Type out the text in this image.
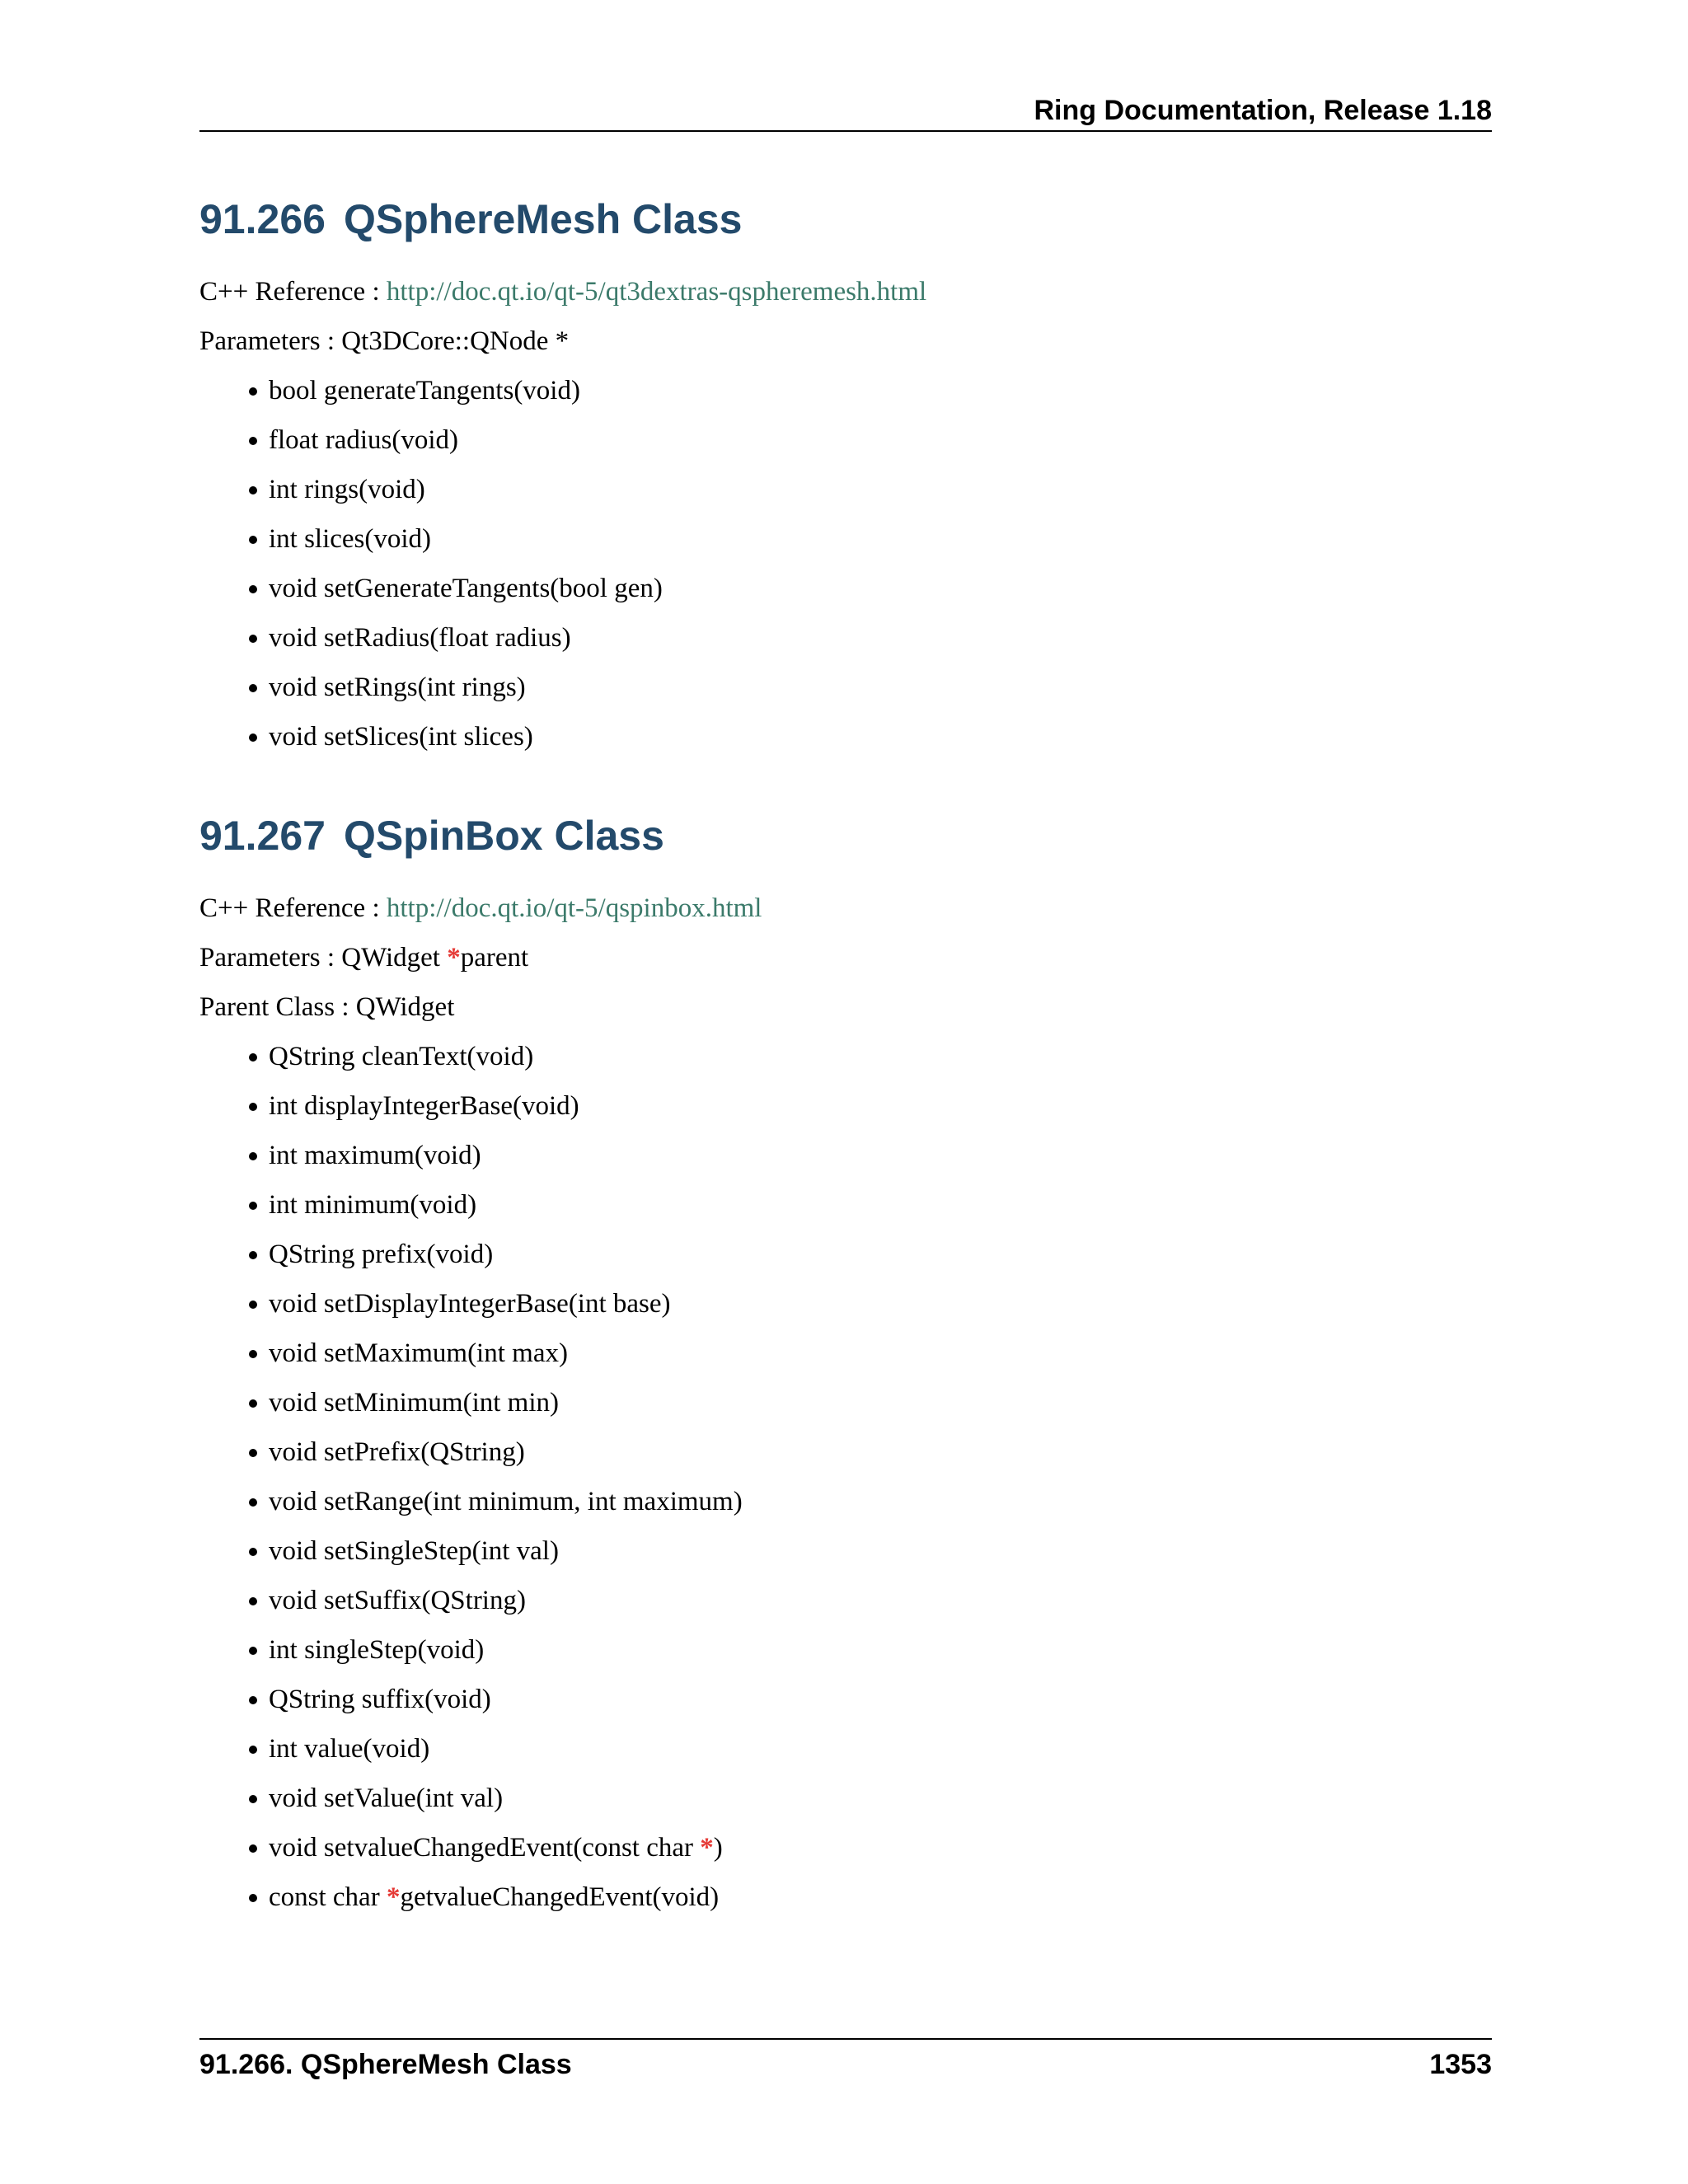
Ring Documentation, Release 1.18
91.266 QSphereMesh Class
C++ Reference : http://doc.qt.io/qt-5/qt3dextras-qspheremesh.html
Parameters : Qt3DCore::QNode *
bool generateTangents(void)
float radius(void)
int rings(void)
int slices(void)
void setGenerateTangents(bool gen)
void setRadius(float radius)
void setRings(int rings)
void setSlices(int slices)
91.267 QSpinBox Class
C++ Reference : http://doc.qt.io/qt-5/qspinbox.html
Parameters : QWidget *parent
Parent Class : QWidget
QString cleanText(void)
int displayIntegerBase(void)
int maximum(void)
int minimum(void)
QString prefix(void)
void setDisplayIntegerBase(int base)
void setMaximum(int max)
void setMinimum(int min)
void setPrefix(QString)
void setRange(int minimum, int maximum)
void setSingleStep(int val)
void setSuffix(QString)
int singleStep(void)
QString suffix(void)
int value(void)
void setValue(int val)
void setvalueChangedEvent(const char *)
const char *getvalueChangedEvent(void)
91.266. QSphereMesh Class	1353
